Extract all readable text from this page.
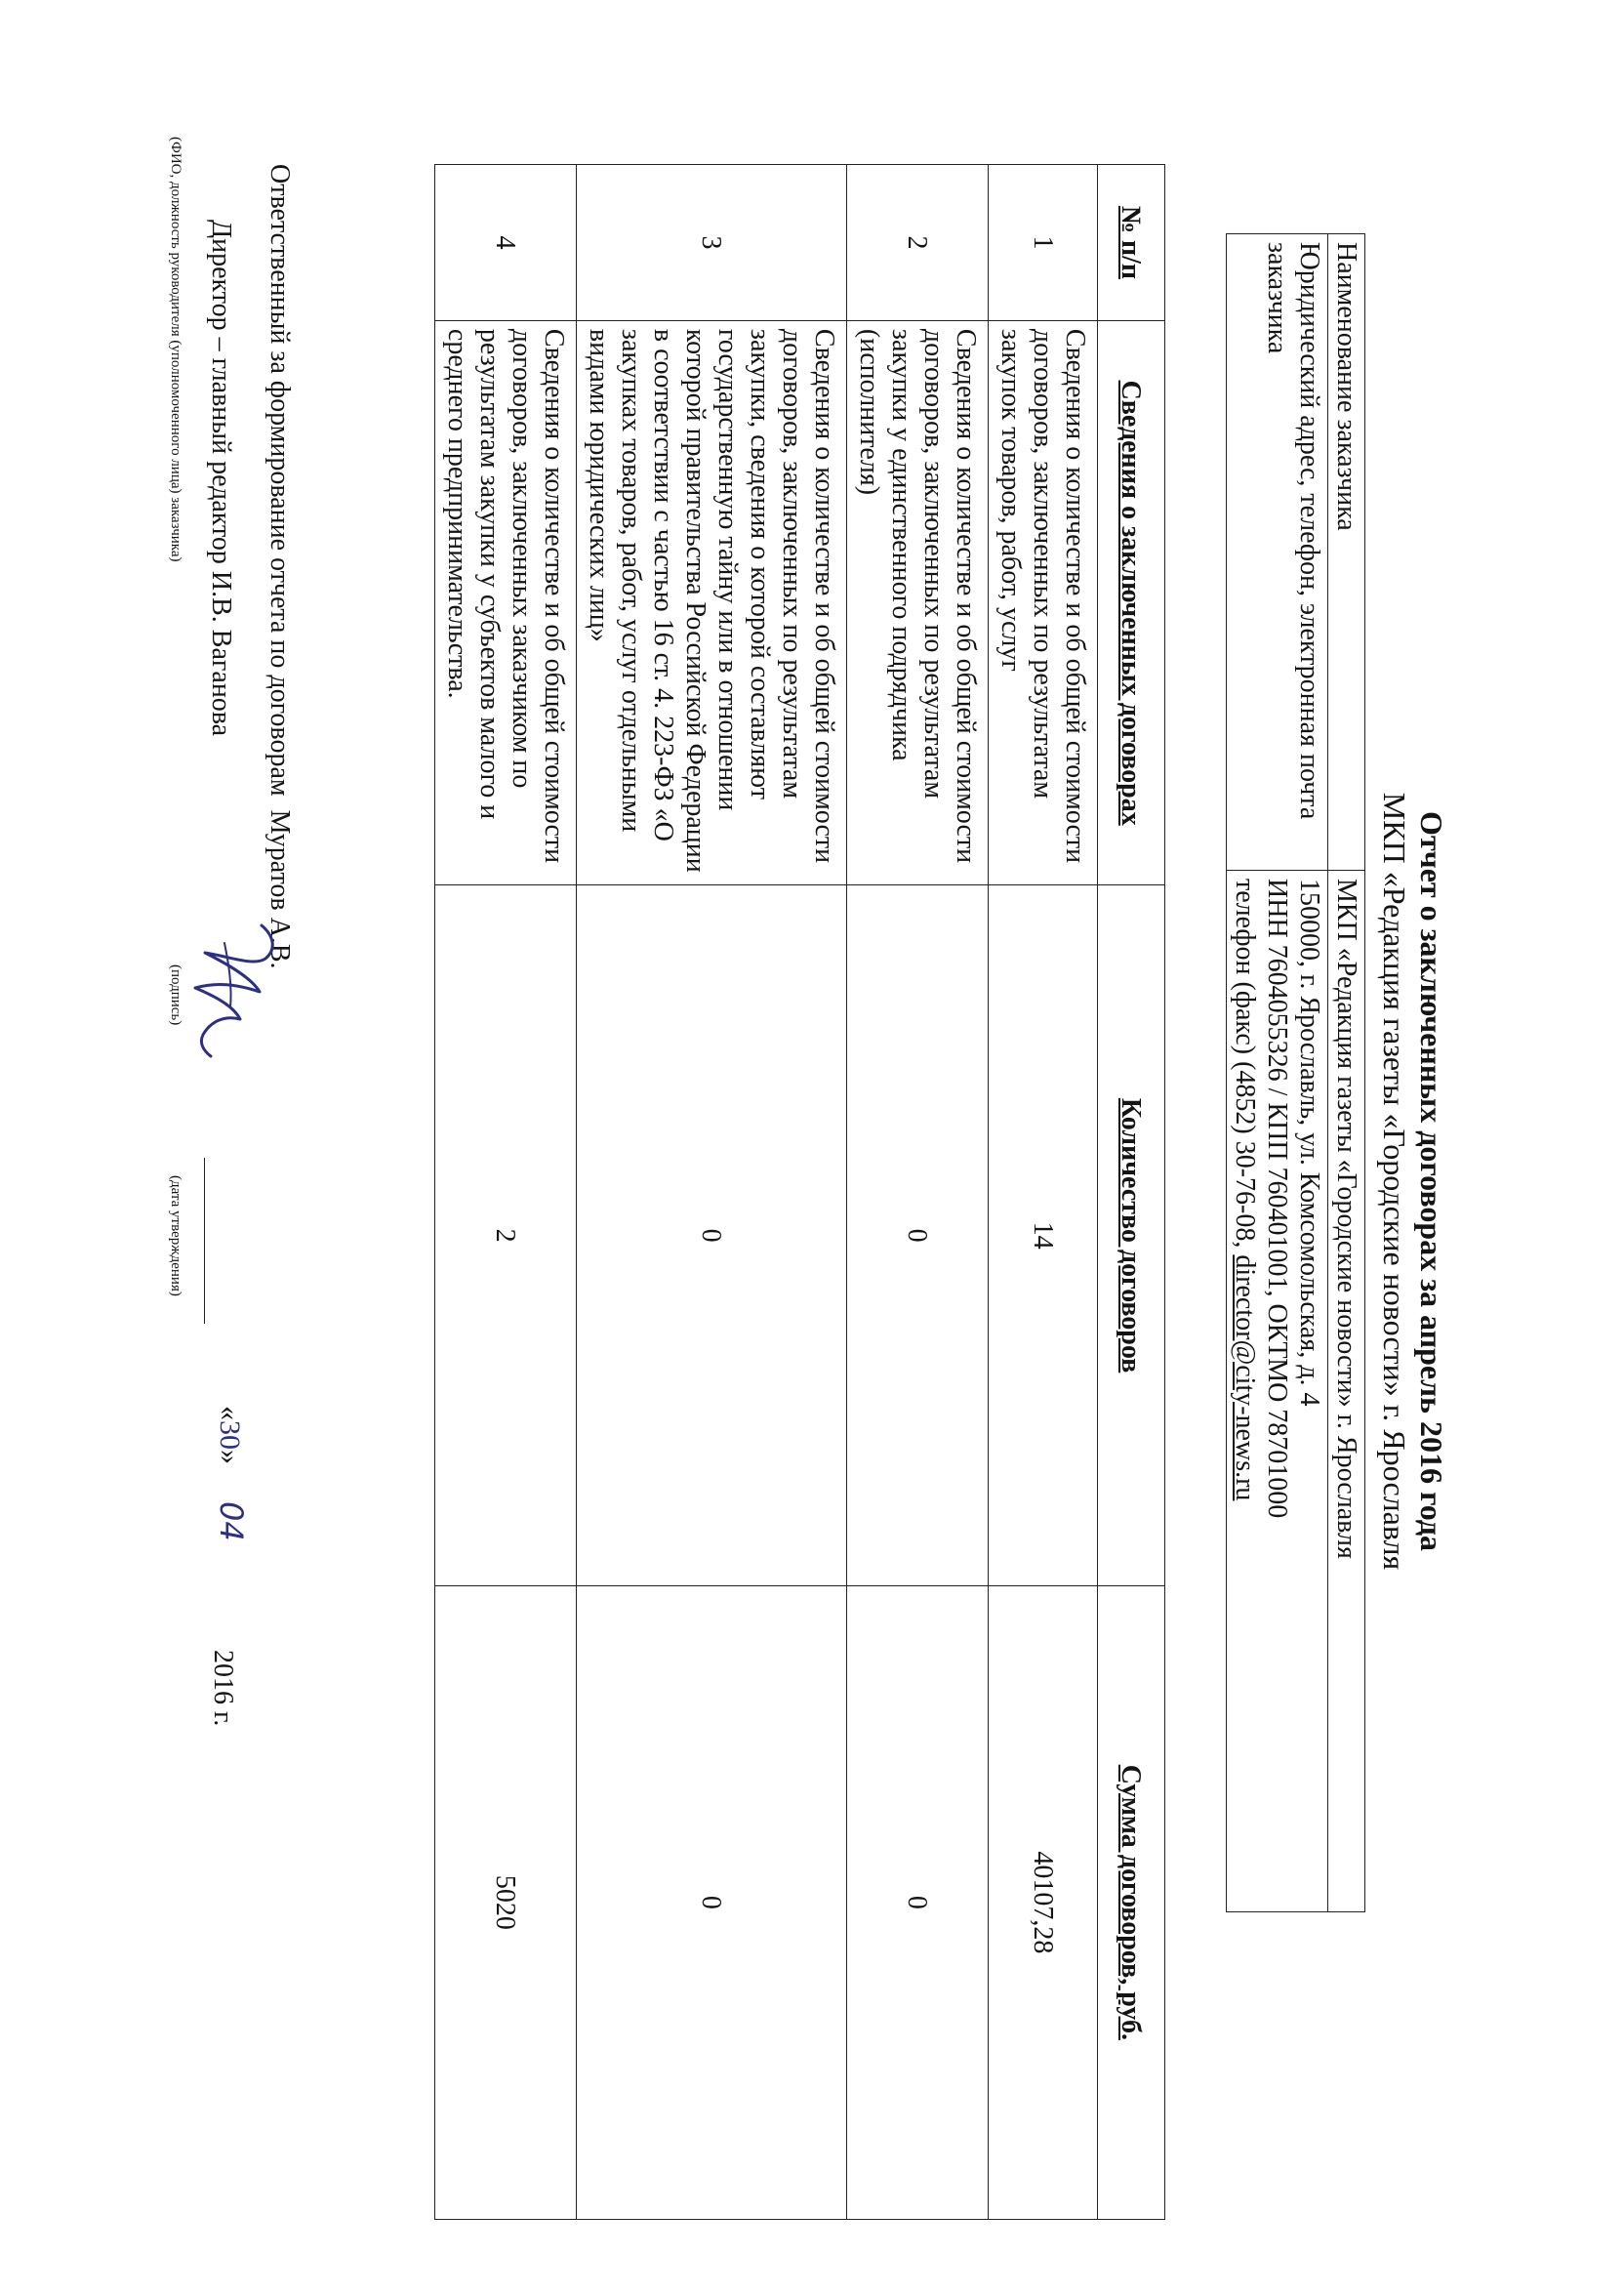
Отчет о заключенных договорах за апрель 2016 года
МКП «Редакция газеты «Городские новости» г. Ярославля
Наименование заказчика	МКП «Редакция газеты «Городские новости» г. Ярославля
Юридический адрес, телефон, электронная почта заказчика	150000, г. Ярославль, ул. Комсомольская, д. 4
ИНН 7604055326 / КПП 760401001, ОКТМО 78701000
телефон (факс) (4852) 30-76-08, director@city-news.ru
№ п/п	Сведения о заключенных договорах	Количество договоров	Сумма договоров, руб.
1	Сведения о количестве и об общей стоимости договоров, заключенных по результатам закупок товаров, работ, услуг	14	40107,28
2	Сведения о количестве и об общей стоимости договоров, заключенных по результатам закупки у единственного подрядчика (исполнителя)	0	0
3	Сведения о количестве и об общей стоимости договоров, заключенных по результатам закупки, сведения о которой составляют государственную тайну или в отношении которой правительства Российской Федерации в соответствии с частью 16 ст. 4. 223-ФЗ «О закупках товаров, работ, услуг отдельными видами юридических лиц»	0	0
4	Сведения о количестве и об общей стоимости договоров, заключенных заказчиком по результатам закупки у субъектов малого и среднего предпринимательства.	2	5020
Ответственный за формирование отчета по договорамМуратов А.В.
Директор – главный редактор И.В. Ваганова
(ФИО, должность руководителя (уполномоченного лица) заказчика)
(подпись)
(дата утверждения)
«30»
04
2016 г.
